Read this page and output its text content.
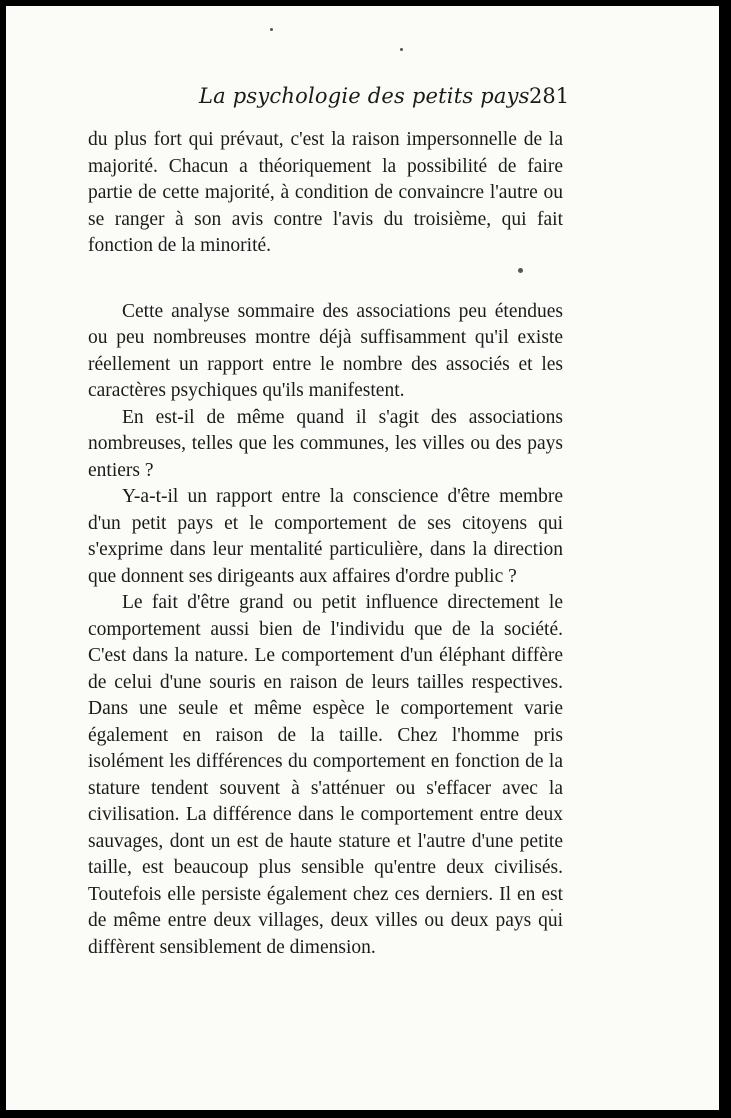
La psychologie des petits pays 281

du plus fort qui prévaut, c'est la raison impersonnelle de la majorité. Chacun a théoriquement la possibilité de faire partie de cette majorité, à condition de convaincre l'autre ou se ranger à son avis contre l'avis du troisième, qui fait fonction de la minorité.

Cette analyse sommaire des associations peu étendues ou peu nombreuses montre déjà suffisamment qu'il existe réellement un rapport entre le nombre des associés et les caractères psychiques qu'ils manifestent.

En est-il de même quand il s'agit des associations nombreuses, telles que les communes, les villes ou des pays entiers ?

Y-a-t-il un rapport entre la conscience d'être membre d'un petit pays et le comportement de ses citoyens qui s'exprime dans leur mentalité particulière, dans la direction que donnent ses dirigeants aux affaires d'ordre public ?

Le fait d'être grand ou petit influence directement le comportement aussi bien de l'individu que de la société. C'est dans la nature. Le comportement d'un éléphant diffère de celui d'une souris en raison de leurs tailles respectives. Dans une seule et même espèce le comportement varie également en raison de la taille. Chez l'homme pris isolément les différences du comportement en fonction de la stature tendent souvent à s'atténuer ou s'effacer avec la civilisation. La différence dans le comportement entre deux sauvages, dont un est de haute stature et l'autre d'une petite taille, est beaucoup plus sensible qu'entre deux civilisés. Toutefois elle persiste également chez ces derniers. Il en est de même entre deux villages, deux villes ou deux pays qui diffèrent sensiblement de dimension.
